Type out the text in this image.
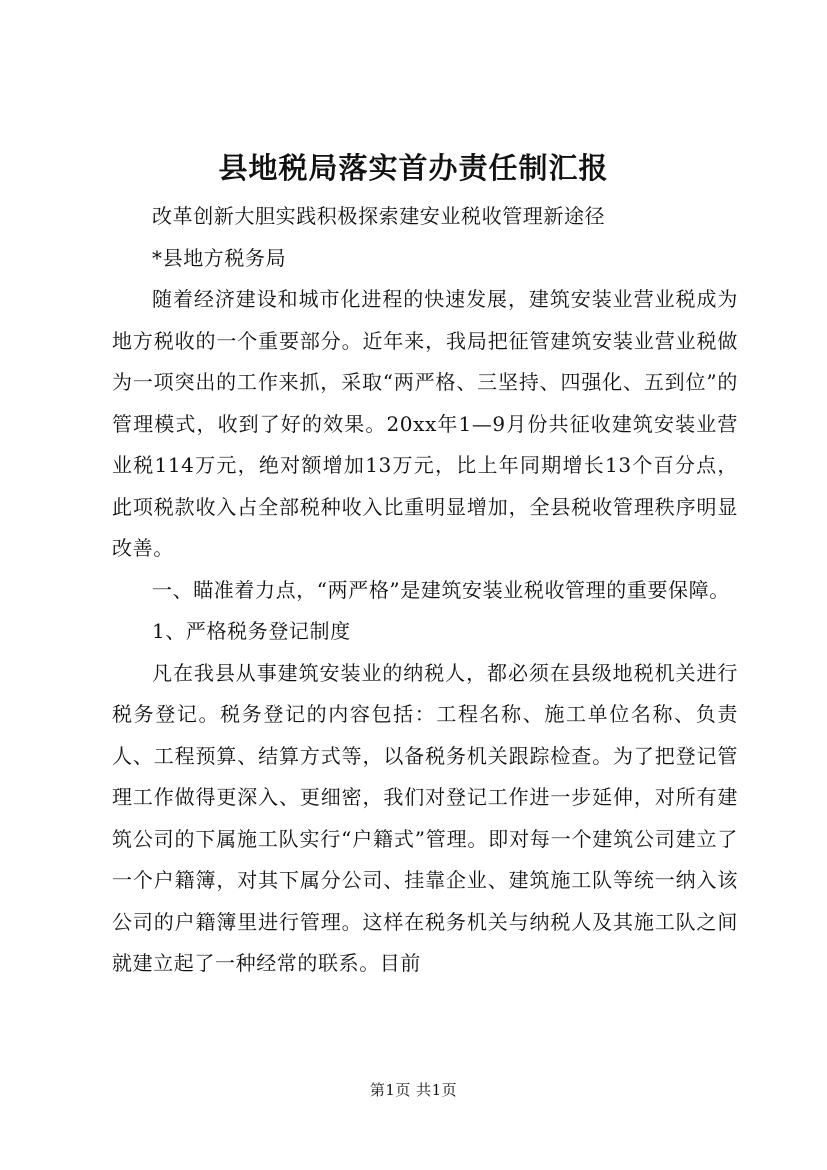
县地税局落实首办责任制汇报

改革创新大胆实践积极探索建安业税收管理新途径

*县地方税务局

随着经济建设和城市化进程的快速发展，建筑安装业营业税成为地方税收的一个重要部分。近年来，我局把征管建筑安装业营业税做为一项突出的工作来抓，采取“两严格、三坚持、四强化、五到位”的管理模式，收到了好的效果。20xx年1—9月份共征收建筑安装业营业税114万元，绝对额增加13万元，比上年同期增长13个百分点，此项税款收入占全部税种收入比重明显增加，全县税收管理秩序明显改善。

一、瞄准着力点，“两严格”是建筑安装业税收管理的重要保障。

1、严格税务登记制度

凡在我县从事建筑安装业的纳税人，都必须在县级地税机关进行税务登记。税务登记的内容包括：工程名称、施工单位名称、负责人、工程预算、结算方式等，以备税务机关跟踪检查。为了把登记管理工作做得更深入、更细密，我们对登记工作进一步延伸，对所有建筑公司的下属施工队实行“户籍式”管理。即对每一个建筑公司建立了一个户籍簿，对其下属分公司、挂靠企业、建筑施工队等统一纳入该公司的户籍簿里进行管理。这样在税务机关与纳税人及其施工队之间就建立起了一种经常的联系。目前

第1页 共1页
